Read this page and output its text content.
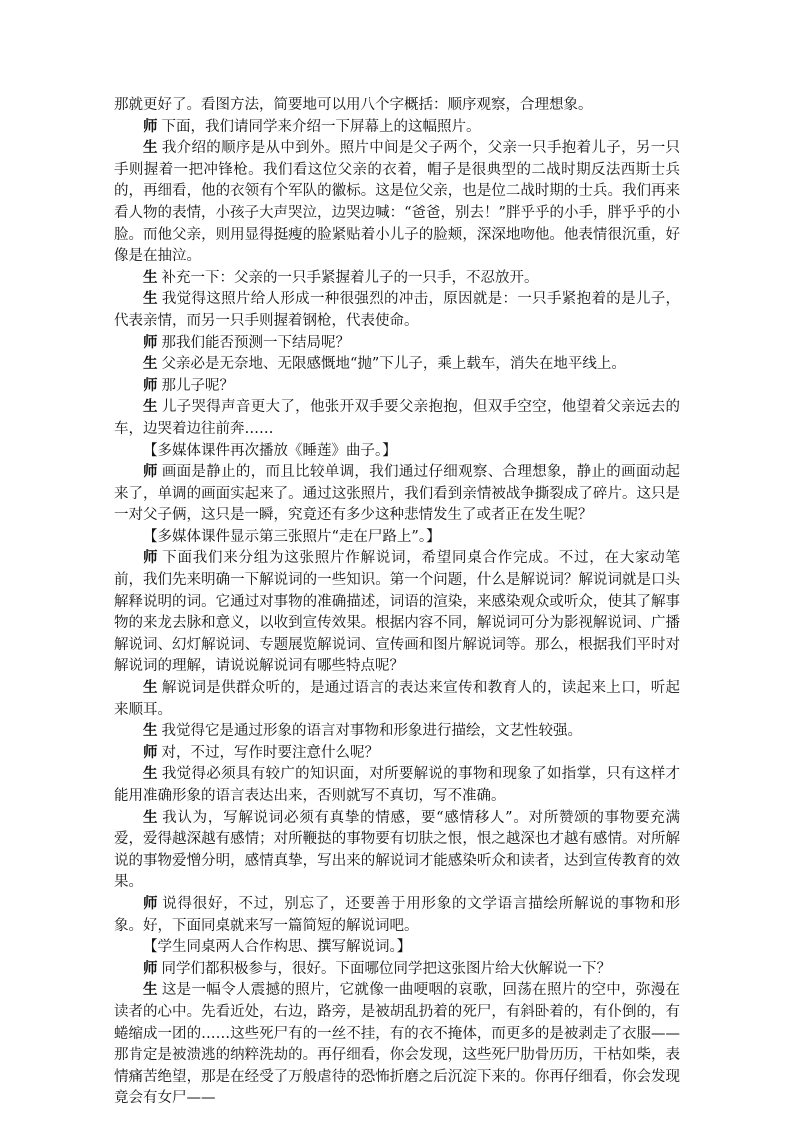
那就更好了。看图方法，简要地可以用八个字概括：顺序观察，合理想象。

师 下面，我们请同学来介绍一下屏幕上的这幅照片。

生 我介绍的顺序是从中到外。照片中间是父子两个，父亲一只手抱着儿子，另一只手则握着一把冲锋枪。我们看这位父亲的衣着，帽子是很典型的二战时期反法西斯士兵的，再细看，他的衣领有个军队的徽标。这是位父亲，也是位二战时期的士兵。我们再来看人物的表情，小孩子大声哭泣，边哭边喊：“爸爸，别去！”胖乎乎的小手，胖乎乎的小脸。而他父亲，则用显得挺瘦的脸紧贴着小儿子的脸颊，深深地吻他。他表情很沉重，好像是在抽泣。

生 补充一下：父亲的一只手紧握着儿子的一只手，不忍放开。

生 我觉得这照片给人形成一种很强烈的冲击，原因就是：一只手紧抱着的是儿子，代表亲情，而另一只手则握着钢枪，代表使命。

师 那我们能否预测一下结局呢？

生 父亲必是无奈地、无限感慨地“抛”下儿子，乘上载车，消失在地平线上。

师 那儿子呢？

生 儿子哭得声音更大了，他张开双手要父亲抱抱，但双手空空，他望着父亲远去的车，边哭着边往前奔……

【多媒体课件再次播放《睡莲》曲子。】

师 画面是静止的，而且比较单调，我们通过仔细观察、合理想象，静止的画面动起来了，单调的画面实起来了。通过这张照片，我们看到亲情被战争撕裂成了碎片。这只是一对父子俩，这只是一瞬，究竟还有多少这种悲情发生了或者正在发生呢？

【多媒体课件显示第三张照片“走在尸路上”。】

师 下面我们来分组为这张照片作解说词，希望同桌合作完成。不过，在大家动笔前，我们先来明确一下解说词的一些知识。第一个问题，什么是解说词？解说词就是口头解释说明的词。它通过对事物的准确描述，词语的渲染，来感染观众或听众，使其了解事物的来龙去脉和意义，以收到宣传效果。根据内容不同，解说词可分为影视解说词、广播解说词、幻灯解说词、专题展览解说词、宣传画和图片解说词等。那么，根据我们平时对解说词的理解，请说说解说词有哪些特点呢？

生 解说词是供群众听的，是通过语言的表达来宣传和教育人的，读起来上口，听起来顺耳。

生 我觉得它是通过形象的语言对事物和形象进行描绘，文艺性较强。

师 对，不过，写作时要注意什么呢？

生 我觉得必须具有较广的知识面，对所要解说的事物和现象了如指掌，只有这样才能用准确形象的语言表达出来，否则就写不真切，写不准确。

生 我认为，写解说词必须有真挚的情感，要“感情移人”。对所赞颂的事物要充满爱，爱得越深越有感情；对所鞭挞的事物要有切肤之恨，恨之越深也才越有感情。对所解说的事物爱憎分明，感情真挚，写出来的解说词才能感染听众和读者，达到宣传教育的效果。

师 说得很好，不过，别忘了，还要善于用形象的文学语言描绘所解说的事物和形象。好，下面同桌就来写一篇简短的解说词吧。

【学生同桌两人合作构思、撰写解说词。】

师 同学们都积极参与，很好。下面哪位同学把这张图片给大伙解说一下？

生 这是一幅令人震撼的照片，它就像一曲哽咽的哀歌，回荡在照片的空中，弥漫在读者的心中。先看近处，右边，路旁，是被胡乱扔着的死尸，有斜卧着的，有仆倒的，有蜷缩成一团的……这些死尸有的一丝不挂，有的衣不掩体，而更多的是被剥走了衣服——那肯定是被溃逃的纳粹洗劫的。再仔细看，你会发现，这些死尸肋骨历历，干枯如柴，表情痛苦绝望，那是在经受了万般虐待的恐怖折磨之后沉淀下来的。你再仔细看，你会发现竟会有女尸——
